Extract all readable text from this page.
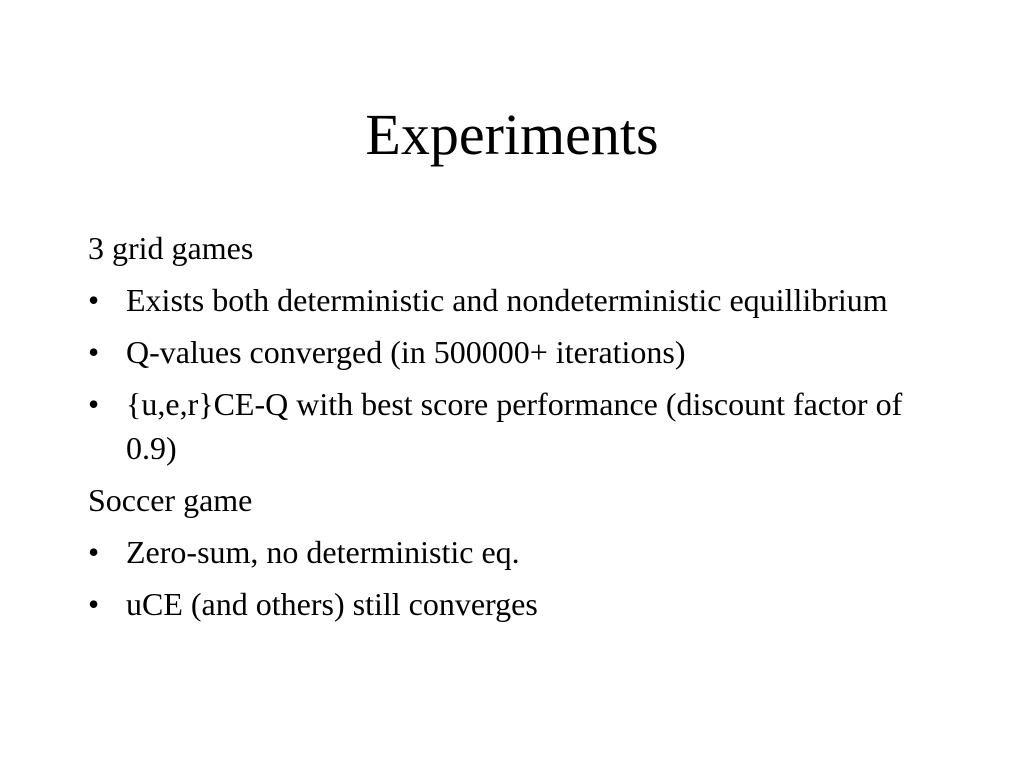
Experiments
3 grid games
• Exists both deterministic and nondeterministic equillibrium
• Q-values converged (in 500000+ iterations)
• {u,e,r}CE-Q with best score performance (discount factor of 0.9)
Soccer game
• Zero-sum, no deterministic eq.
• uCE (and others) still converges
